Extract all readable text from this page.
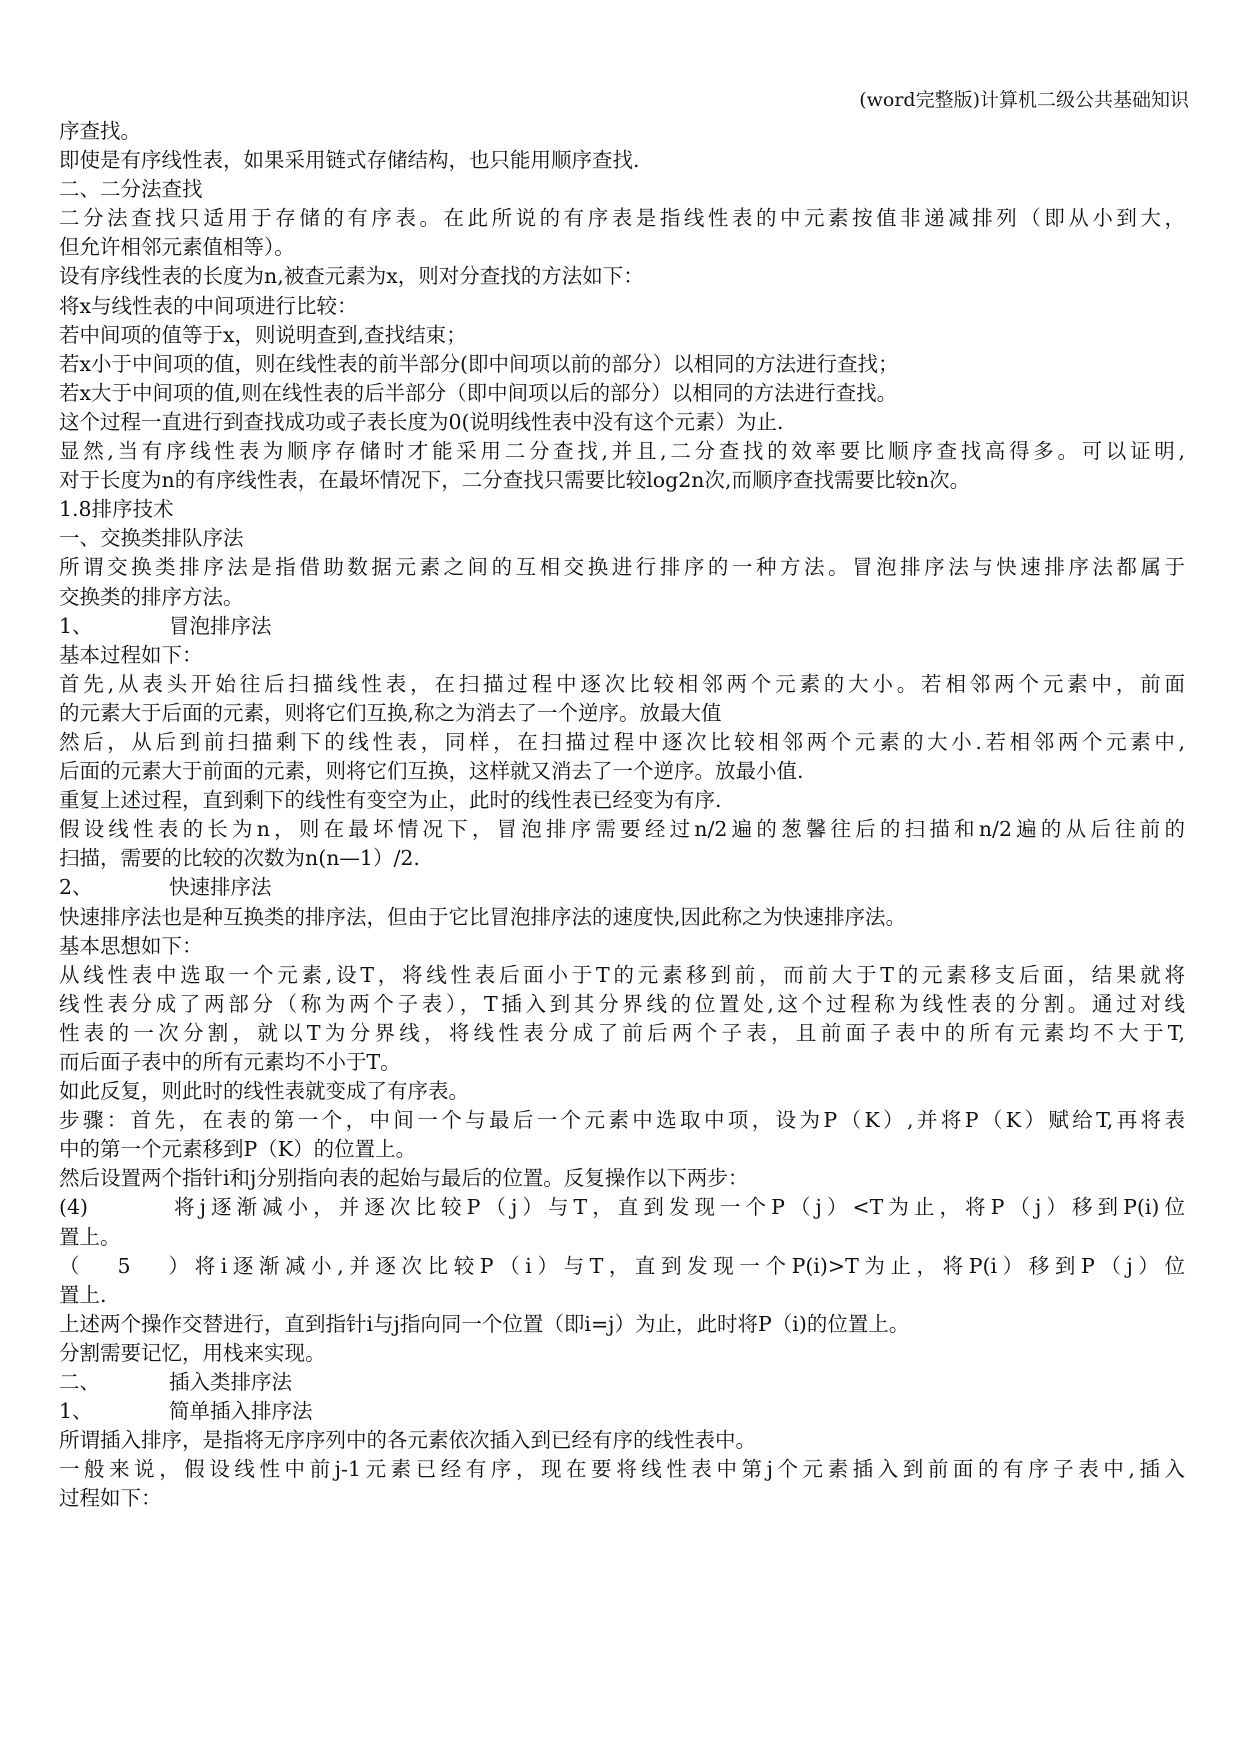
(word完整版)计算机二级公共基础知识
序查找。
即使是有序线性表，如果采用链式存储结构，也只能用顺序查找.
二、二分法查找
二分法查找只适用于存储的有序表。在此所说的有序表是指线性表的中元素按值非递减排列（即从小到大，
但允许相邻元素值相等）。
设有序线性表的长度为n,被查元素为x，则对分查找的方法如下：
将x与线性表的中间项进行比较：
若中间项的值等于x，则说明查到,查找结束；
若x小于中间项的值，则在线性表的前半部分(即中间项以前的部分）以相同的方法进行查找；
若x大于中间项的值,则在线性表的后半部分（即中间项以后的部分）以相同的方法进行查找。
这个过程一直进行到查找成功或子表长度为0(说明线性表中没有这个元素）为止.
显然,当有序线性表为顺序存储时才能采用二分查找,并且,二分查找的效率要比顺序查找高得多。可以证明,
对于长度为n的有序线性表，在最坏情况下，二分查找只需要比较log2n次,而顺序查找需要比较n次。
1.8排序技术
一、交换类排队序法
所谓交换类排序法是指借助数据元素之间的互相交换进行排序的一种方法。冒泡排序法与快速排序法都属于
交换类的排序方法。
1、	冒泡排序法
基本过程如下：
首先,从表头开始往后扫描线性表，在扫描过程中逐次比较相邻两个元素的大小。若相邻两个元素中，前面
的元素大于后面的元素，则将它们互换,称之为消去了一个逆序。放最大值
然后，从后到前扫描剩下的线性表，同样，在扫描过程中逐次比较相邻两个元素的大小.若相邻两个元素中,
后面的元素大于前面的元素，则将它们互换，这样就又消去了一个逆序。放最小值.
重复上述过程，直到剩下的线性有变空为止，此时的线性表已经变为有序.
假设线性表的长为n，则在最坏情况下，冒泡排序需要经过n/2遍的葱馨往后的扫描和n/2遍的从后往前的
扫描，需要的比较的次数为n(n—1）/2.
2、	快速排序法
快速排序法也是种互换类的排序法，但由于它比冒泡排序法的速度快,因此称之为快速排序法。
基本思想如下：
从线性表中选取一个元素,设T，将线性表后面小于T的元素移到前，而前大于T的元素移支后面，结果就将
线性表分成了两部分（称为两个子表），T插入到其分界线的位置处,这个过程称为线性表的分割。通过对线
性表的一次分割，就以T为分界线，将线性表分成了前后两个子表，且前面子表中的所有元素均不大于T,
而后面子表中的所有元素均不小于T。
如此反复，则此时的线性表就变成了有序表。
步骤：首先，在表的第一个，中间一个与最后一个元素中选取中项，设为P（K）,并将P（K）赋给T,再将表
中的第一个元素移到P（K）的位置上。
然后设置两个指针i和j分别指向表的起始与最后的位置。反复操作以下两步：
(4)	将j逐渐减小，并逐次比较P（j）与T，直到发现一个P（j）<T为止，将P（j）移到P(i)位
置上。
（5）将i逐渐减小,并逐次比较P（i）与T，直到发现一个P(i)>T为止，将P(i）移到P（j）位
置上.
上述两个操作交替进行，直到指针i与j指向同一个位置（即i=j）为止，此时将P（i)的位置上。
分割需要记忆，用栈来实现。
二、	插入类排序法
1、	简单插入排序法
所谓插入排序，是指将无序序列中的各元素依次插入到已经有序的线性表中。
一般来说，假设线性中前j-1元素已经有序，现在要将线性表中第j个元素插入到前面的有序子表中,插入
过程如下：
